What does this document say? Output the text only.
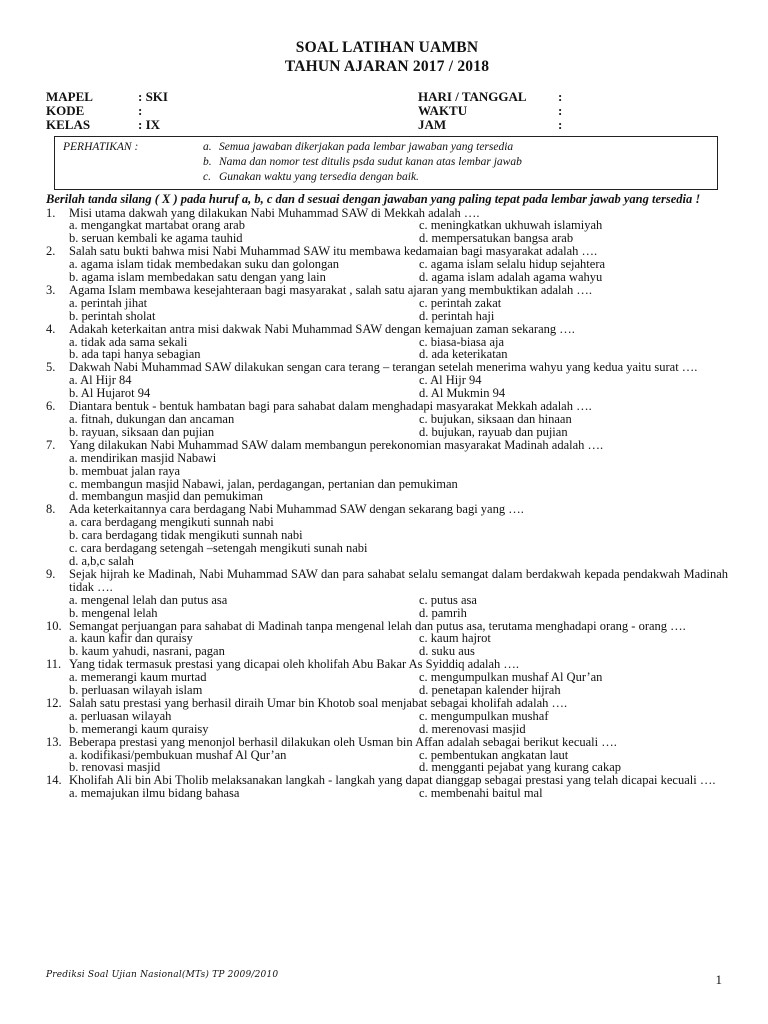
SOAL LATIHAN UAMBN
TAHUN AJARAN 2017 / 2018
MAPEL	: SKI	HARI / TANGGAL	:
KODE	:	WAKTU	:
KELAS	: IX	JAM	:
PERHATIKAN :	a. Semua jawaban dikerjakan pada lembar jawaban yang tersedia
b. Nama dan nomor test ditulis psda sudut kanan atas lembar jawab
c. Gunakan waktu yang tersedia dengan baik.
Berilah tanda silang ( X ) pada huruf a, b, c dan d sesuai dengan jawaban yang paling tepat pada lembar jawab yang tersedia !
1.	Misi utama dakwah yang dilakukan Nabi Muhammad SAW di Mekkah adalah ….
a. mengangkat martabat orang arab	c. meningkatkan ukhuwah islamiyah
b. seruan kembali ke agama tauhid	d. mempersatukan bangsa arab
2.	Salah satu bukti bahwa misi Nabi Muhammad SAW itu membawa kedamaian bagi masyarakat adalah ….
a. agama islam tidak membedakan suku dan golongan	c. agama islam selalu hidup sejahtera
b. agama islam membedakan satu dengan yang lain	d. agama islam adalah agama wahyu
3.	Agama Islam membawa kesejahteraan bagi masyarakat , salah satu ajaran yang membuktikan adalah ….
a. perintah jihat	c. perintah zakat
b. perintah sholat	d. perintah haji
4.	Adakah keterkaitan antra misi dakwak Nabi Muhammad SAW dengan kemajuan zaman sekarang ….
a. tidak ada sama sekali	c. biasa-biasa aja
b. ada tapi hanya sebagian	d. ada keterikatan
5.	Dakwah Nabi Muhammad SAW dilakukan sengan cara terang – terangan setelah menerima wahyu yang kedua yaitu surat ….
a. Al Hijr 84	c. Al Hijr 94
b. Al Hujarot 94	d. Al Mukmin 94
6.	Diantara bentuk - bentuk hambatan bagi para sahabat dalam menghadapi masyarakat Mekkah adalah ….
a. fitnah, dukungan dan ancaman	c. bujukan, siksaan dan hinaan
b. rayuan, siksaan dan pujian	d. bujukan, rayuab dan pujian
7.	Yang dilakukan Nabi Muhammad SAW dalam membangun perekonomian masyarakat Madinah adalah ….
a. mendirikan masjid Nabawi
b. membuat jalan raya
c. membangun masjid Nabawi, jalan, perdagangan, pertanian dan pemukiman
d. membangun masjid dan pemukiman
8.	Ada keterkaitannya cara berdagang Nabi Muhammad SAW dengan sekarang bagi yang ….
a. cara berdagang mengikuti sunnah nabi
b. cara berdagang tidak mengikuti sunnah nabi
c. cara berdagang setengah –setengah mengikuti sunah nabi
d. a,b,c salah
9.	Sejak hijrah ke Madinah, Nabi Muhammad SAW dan para sahabat selalu semangat dalam berdakwah kepada pendakwah Madinah tidak ….
a. mengenal lelah dan putus asa	c. putus asa
b. mengenal lelah	d. pamrih
10. Semangat perjuangan para sahabat di Madinah tanpa mengenal lelah dan putus asa, terutama menghadapi orang - orang ….
a. kaun kafir dan quraisy	c. kaum hajrot
b. kaum yahudi, nasrani, pagan	d. suku aus
11. Yang tidak termasuk prestasi yang dicapai oleh kholifah Abu Bakar As Syiddiq adalah ….
a. memerangi kaum murtad	c. mengumpulkan mushaf Al Qur’an
b. perluasan wilayah islam	d. penetapan kalender hijrah
12. Salah satu prestasi yang berhasil diraih Umar bin Khotob soal menjabat sebagai kholifah adalah ….
a. perluasan wilayah	c. mengumpulkan mushaf
b. memerangi kaum quraisy	d. merenovasi masjid
13. Beberapa prestasi yang menonjol berhasil dilakukan oleh Usman bin Affan adalah sebagai berikut kecuali ….
a. kodifikasi/pembukuan mushaf Al Qur’an	c. pembentukan angkatan laut
b. renovasi masjid	d. mengganti pejabat yang kurang cakap
14. Kholifah Ali bin Abi Tholib melaksanakan langkah - langkah yang dapat dianggap sebagai prestasi yang telah dicapai kecuali ….
a. memajukan ilmu bidang bahasa	c. membenahi baitul mal
Prediksi Soal Ujian Nasional(MTs) TP 2009/2010	1
